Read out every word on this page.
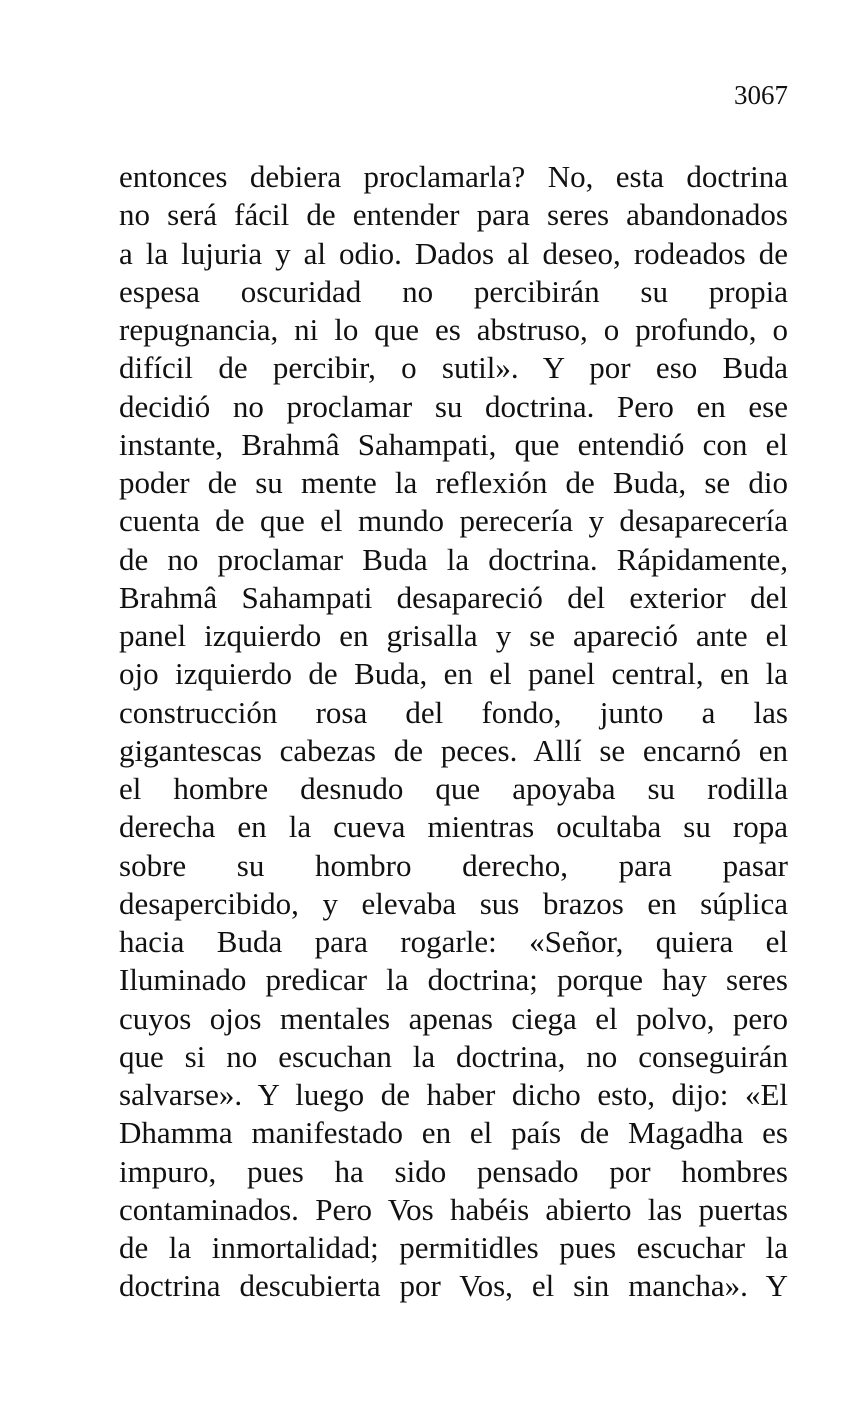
3067
entonces debiera proclamarla? No, esta doctrina
no será fácil de entender para seres abandonados
a la lujuria y al odio. Dados al deseo, rodeados de
espesa oscuridad no percibirán su propia
repugnancia, ni lo que es abstruso, o profundo, o
difícil de percibir, o sutil». Y por eso Buda
decidió no proclamar su doctrina. Pero en ese
instante, Brahmâ Sahampati, que entendió con el
poder de su mente la reflexión de Buda, se dio
cuenta de que el mundo perecería y desaparecería
de no proclamar Buda la doctrina. Rápidamente,
Brahmâ Sahampati desapareció del exterior del
panel izquierdo en grisalla y se apareció ante el
ojo izquierdo de Buda, en el panel central, en la
construcción rosa del fondo, junto a las
gigantescas cabezas de peces. Allí se encarnó en
el hombre desnudo que apoyaba su rodilla
derecha en la cueva mientras ocultaba su ropa
sobre su hombro derecho, para pasar
desapercibido, y elevaba sus brazos en súplica
hacia Buda para rogarle: «Señor, quiera el
Iluminado predicar la doctrina; porque hay seres
cuyos ojos mentales apenas ciega el polvo, pero
que si no escuchan la doctrina, no conseguirán
salvarse». Y luego de haber dicho esto, dijo: «El
Dhamma manifestado en el país de Magadha es
impuro, pues ha sido pensado por hombres
contaminados. Pero Vos habéis abierto las puertas
de la inmortalidad; permitidles pues escuchar la
doctrina descubierta por Vos, el sin mancha». Y
